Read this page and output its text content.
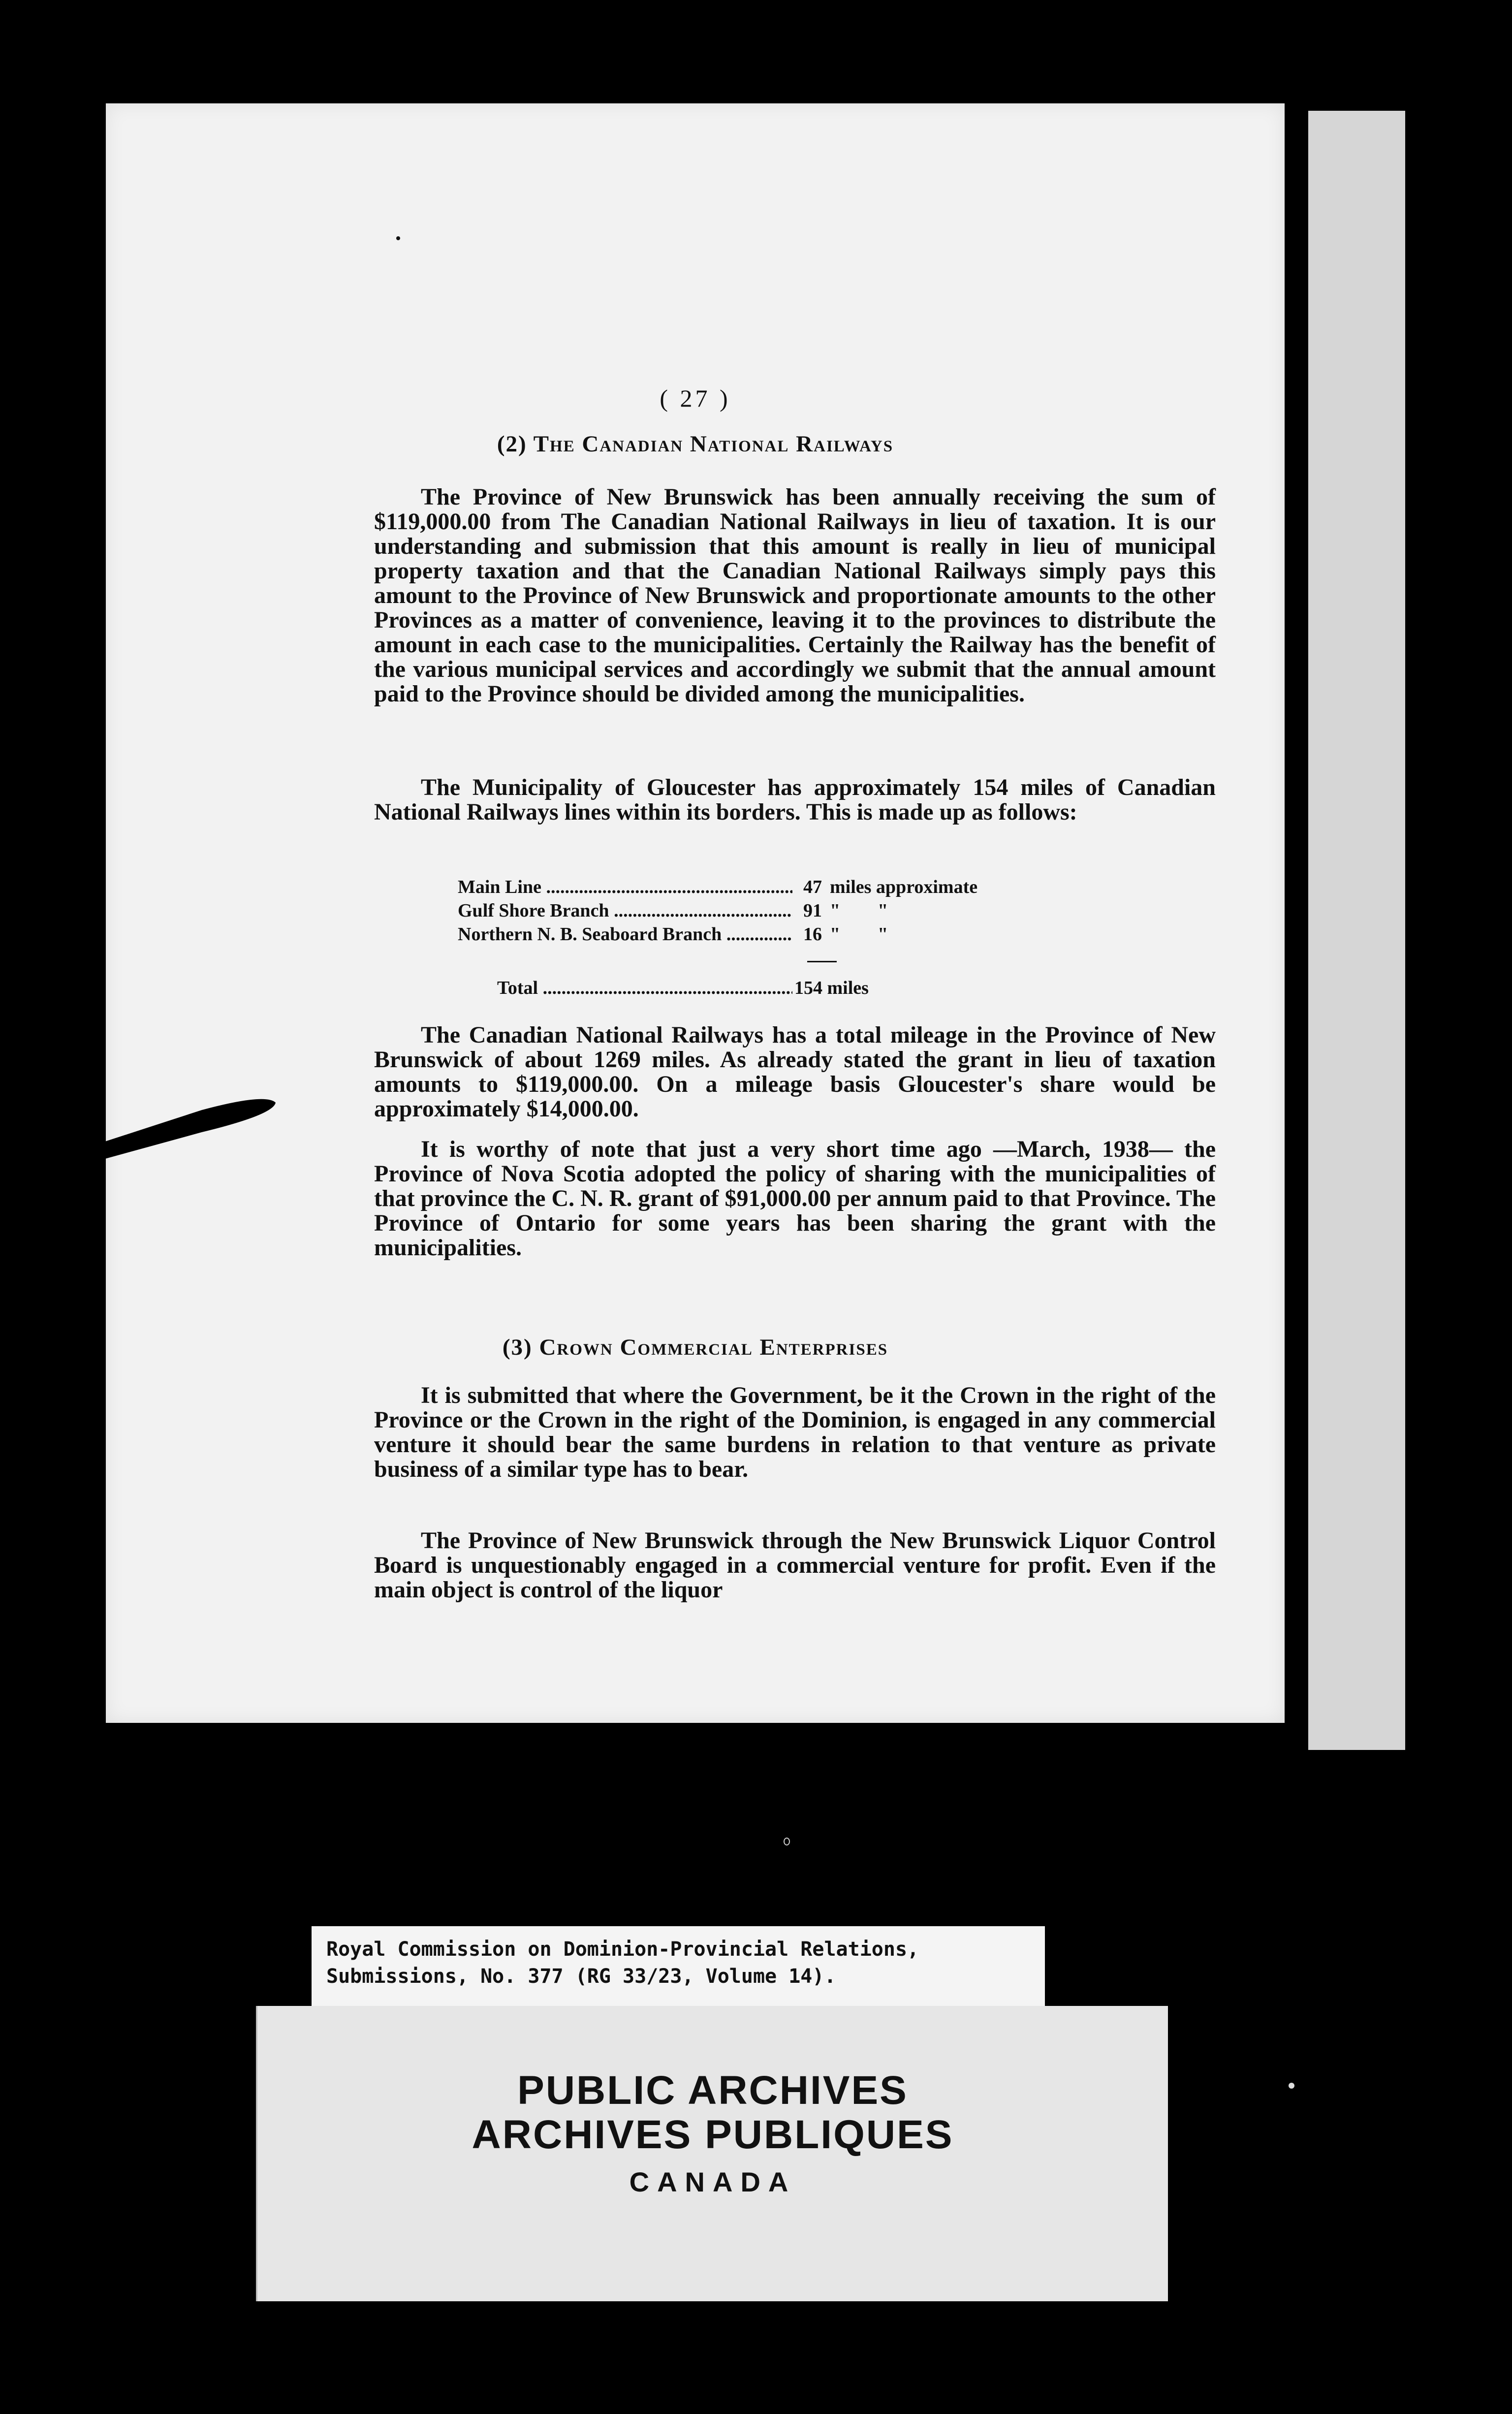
( 27 )
(2) The Canadian National Railways

The Province of New Brunswick has been annually receiving the sum of $119,000.00 from The Canadian National Railways in lieu of taxation. It is our understanding and submission that this amount is really in lieu of municipal property taxation and that the Canadian National Railways simply pays this amount to the Province of New Brunswick and proportionate amounts to the other Provinces as a matter of convenience, leaving it to the provinces to distribute the amount in each case to the municipalities. Certainly the Railway has the benefit of the various municipal services and accordingly we submit that the annual amount paid to the Province should be divided among the municipalities.

The Municipality of Gloucester has approximately 154 miles of Canadian National Railways lines within its borders. This is made up as follows:

Main Line .....	47 miles approximate
Gulf Shore Branch .....	91 "        "
Northern N. B. Seaboard Branch .....	16 "        "
Total .....	154 miles

The Canadian National Railways has a total mileage in the Province of New Brunswick of about 1269 miles. As already stated the grant in lieu of taxation amounts to $119,000.00. On a mileage basis Gloucester's share would be approximately $14,000.00.

It is worthy of note that just a very short time ago —March, 1938— the Province of Nova Scotia adopted the policy of sharing with the municipalities of that province the C. N. R. grant of $91,000.00 per annum paid to that Province. The Province of Ontario for some years has been sharing the grant with the municipalities.

(3) Crown Commercial Enterprises

It is submitted that where the Government, be it the Crown in the right of the Province or the Crown in the right of the Dominion, is engaged in any commercial venture it should bear the same burdens in relation to that venture as private business of a similar type has to bear.

The Province of New Brunswick through the New Brunswick Liquor Control Board is unquestionably engaged in a commercial venture for profit. Even if the main object is control of the liquor

Royal Commission on Dominion-Provincial Relations,
Submissions, No. 377 (RG 33/23, Volume 14).
PUBLIC ARCHIVES
ARCHIVES PUBLIQUES
CANADA
